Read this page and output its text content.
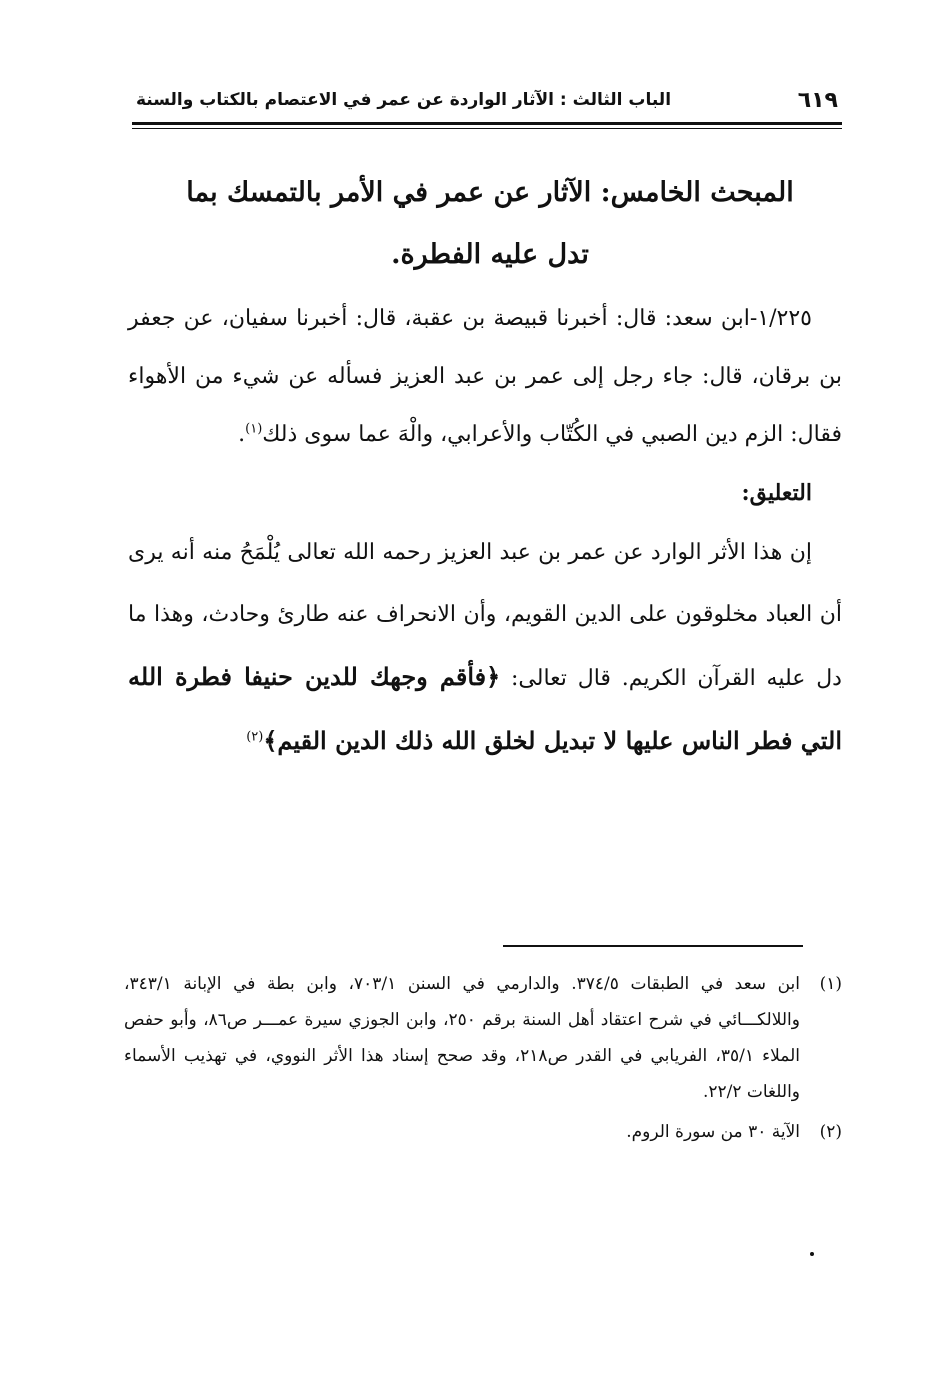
٦١٩
الباب الثالث : الآثار الواردة عن عمر في الاعتصام بالكتاب والسنة
المبحث الخامس: الآثار عن عمر في الأمر بالتمسك بما
تدل عليه الفطرة.

١/٢٢٥-ابن سعد: قال: أخبرنا قبيصة بن عقبة، قال: أخبرنا سفيان، عن جعفر بن برقان، قال: جاء رجل إلى عمر بن عبد العزيز فسأله عن شيء من الأهواء فقال: الزم دين الصبي في الكُتّاب والأعرابي، والْهَ عما سوى ذلك$^{(١)}$.

التعليق:

إن هذا الأثر الوارد عن عمر بن عبد العزيز رحمه الله تعالى يُلْمَحُ منه أنه يرى أن العباد مخلوقون على الدين القويم، وأن الانحراف عنه طارئ وحادث، وهذا ما دل عليه القرآن الكريم. قال تعالى: ﴿فأقم وجهك للدين حنيفا فطرة الله التي فطر الناس عليها لا تبديل لخلق الله ذلك الدين القيم﴾$^{(٢)}$

(١)
ابن سعد في الطبقات ٣٧٤/٥. والدارمي في السنن ٧٠٣/١، وابن بطة في الإبانة ٣٤٣/١، واللالكـــائي في شرح اعتقاد أهل السنة برقم ٢٥٠، وابن الجوزي سيرة عمـــر ص٨٦، وأبو حفص الملاء ٣٥/١، الفريابي في القدر ص٢١٨، وقد صحح إسناد هذا الأثر النووي، في تهذيب الأسماء واللغات ٢٢/٢.

(٢)
الآية ٣٠ من سورة الروم.
